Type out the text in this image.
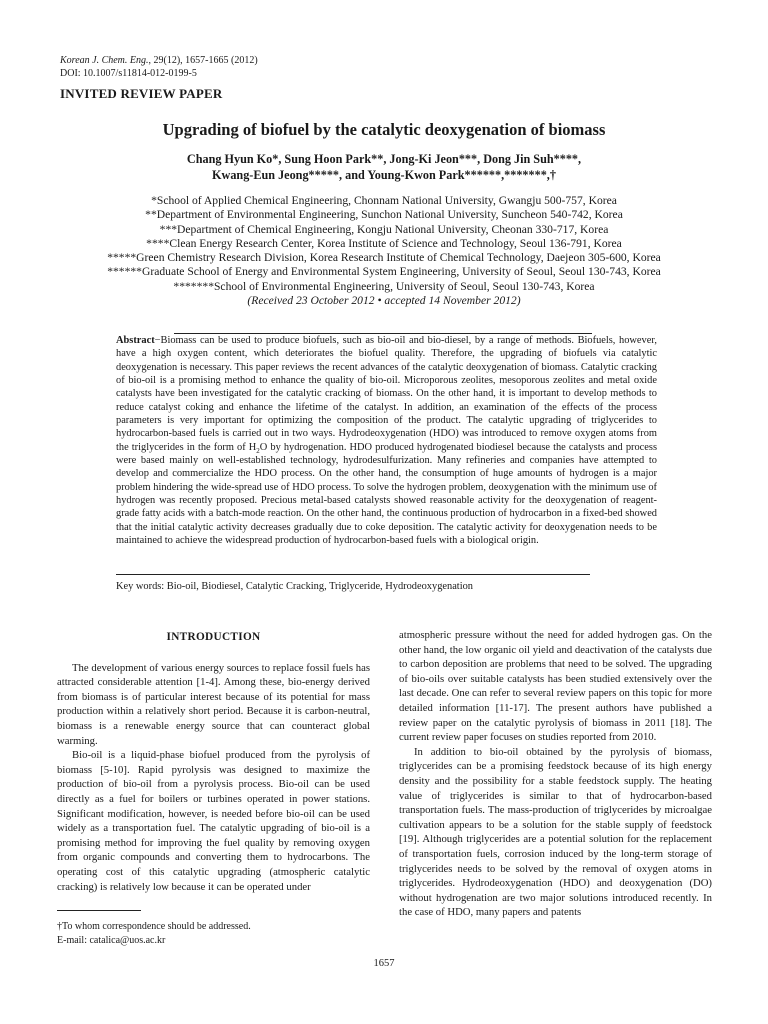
Korean J. Chem. Eng., 29(12), 1657-1665 (2012)
DOI: 10.1007/s11814-012-0199-5
INVITED REVIEW PAPER
Upgrading of biofuel by the catalytic deoxygenation of biomass
Chang Hyun Ko*, Sung Hoon Park**, Jong-Ki Jeon***, Dong Jin Suh****,
Kwang-Eun Jeong*****, and Young-Kwon Park******,*******,†
*School of Applied Chemical Engineering, Chonnam National University, Gwangju 500-757, Korea
**Department of Environmental Engineering, Sunchon National University, Suncheon 540-742, Korea
***Department of Chemical Engineering, Kongju National University, Cheonan 330-717, Korea
****Clean Energy Research Center, Korea Institute of Science and Technology, Seoul 136-791, Korea
*****Green Chemistry Research Division, Korea Research Institute of Chemical Technology, Daejeon 305-600, Korea
******Graduate School of Energy and Environmental System Engineering, University of Seoul, Seoul 130-743, Korea
*******School of Environmental Engineering, University of Seoul, Seoul 130-743, Korea
(Received 23 October 2012 • accepted 14 November 2012)
Abstract−Biomass can be used to produce biofuels, such as bio-oil and bio-diesel, by a range of methods. Biofuels, however, have a high oxygen content, which deteriorates the biofuel quality. Therefore, the upgrading of biofuels via catalytic deoxygenation is necessary. This paper reviews the recent advances of the catalytic deoxygenation of biomass. Catalytic cracking of bio-oil is a promising method to enhance the quality of bio-oil. Microporous zeolites, mesoporous zeolites and metal oxide catalysts have been investigated for the catalytic cracking of biomass. On the other hand, it is important to develop methods to reduce catalyst coking and enhance the lifetime of the catalyst. In addition, an examination of the effects of the process parameters is very important for optimizing the composition of the product. The catalytic upgrading of triglycerides to hydrocarbon-based fuels is carried out in two ways. Hydrodeoxygenation (HDO) was introduced to remove oxygen atoms from the triglycerides in the form of $H_2O$ by hydrogenation. HDO produced hydrogenated biodiesel because the catalysts and process were based mainly on well-established technology, hydrodesulfurization. Many refineries and companies have attempted to develop and commercialize the HDO process. On the other hand, the consumption of huge amounts of hydrogen is a major problem hindering the wide-spread use of HDO process. To solve the hydrogen problem, deoxygenation with the minimum use of hydrogen was recently proposed. Precious metal-based catalysts showed reasonable activity for the deoxygenation of reagent-grade fatty acids with a batch-mode reaction. On the other hand, the continuous production of hydrocarbon in a fixed-bed showed that the initial catalytic activity decreases gradually due to coke deposition. The catalytic activity for deoxygenation needs to be maintained to achieve the widespread production of hydrocarbon-based fuels with a biological origin.
Key words: Bio-oil, Biodiesel, Catalytic Cracking, Triglyceride, Hydrodeoxygenation
INTRODUCTION

The development of various energy sources to replace fossil fuels has attracted considerable attention [1-4]. Among these, bio-energy derived from biomass is of particular interest because of its potential for mass production within a relatively short period. Because it is carbon-neutral, biomass is a renewable energy source that can counteract global warming.

Bio-oil is a liquid-phase biofuel produced from the pyrolysis of biomass [5-10]. Rapid pyrolysis was designed to maximize the production of bio-oil from a pyrolysis process. Bio-oil can be used directly as a fuel for boilers or turbines operated in power stations. Significant modification, however, is needed before bio-oil can be used widely as a transportation fuel. The catalytic upgrading of bio-oil is a promising method for improving the fuel quality by removing oxygen from organic compounds and converting them to hydrocarbons. The operating cost of this catalytic upgrading (atmospheric catalytic cracking) is relatively low because it can be operated under

atmospheric pressure without the need for added hydrogen gas. On the other hand, the low organic oil yield and deactivation of the catalysts due to carbon deposition are problems that need to be solved. The upgrading of bio-oils over suitable catalysts has been studied extensively over the last decade. One can refer to several review papers on this topic for more detailed information [11-17]. The present authors have published a review paper on the catalytic pyrolysis of biomass in 2011 [18]. The current review paper focuses on studies reported from 2010.

In addition to bio-oil obtained by the pyrolysis of biomass, triglycerides can be a promising feedstock because of its high energy density and the possibility for a stable feedstock supply. The heating value of triglycerides is similar to that of hydrocarbon-based transportation fuels. The mass-production of triglycerides by microalgae cultivation appears to be a solution for the stable supply of feedstock [19]. Although triglycerides are a potential solution for the replacement of transportation fuels, corrosion induced by the long-term storage of triglycerides needs to be solved by the removal of oxygen atoms in triglycerides. Hydrodeoxygenation (HDO) and deoxygenation (DO) without hydrogenation are two major solutions introduced recently. In the case of HDO, many papers and patents

†To whom correspondence should be addressed.
E-mail: catalica@uos.ac.kr
1657
